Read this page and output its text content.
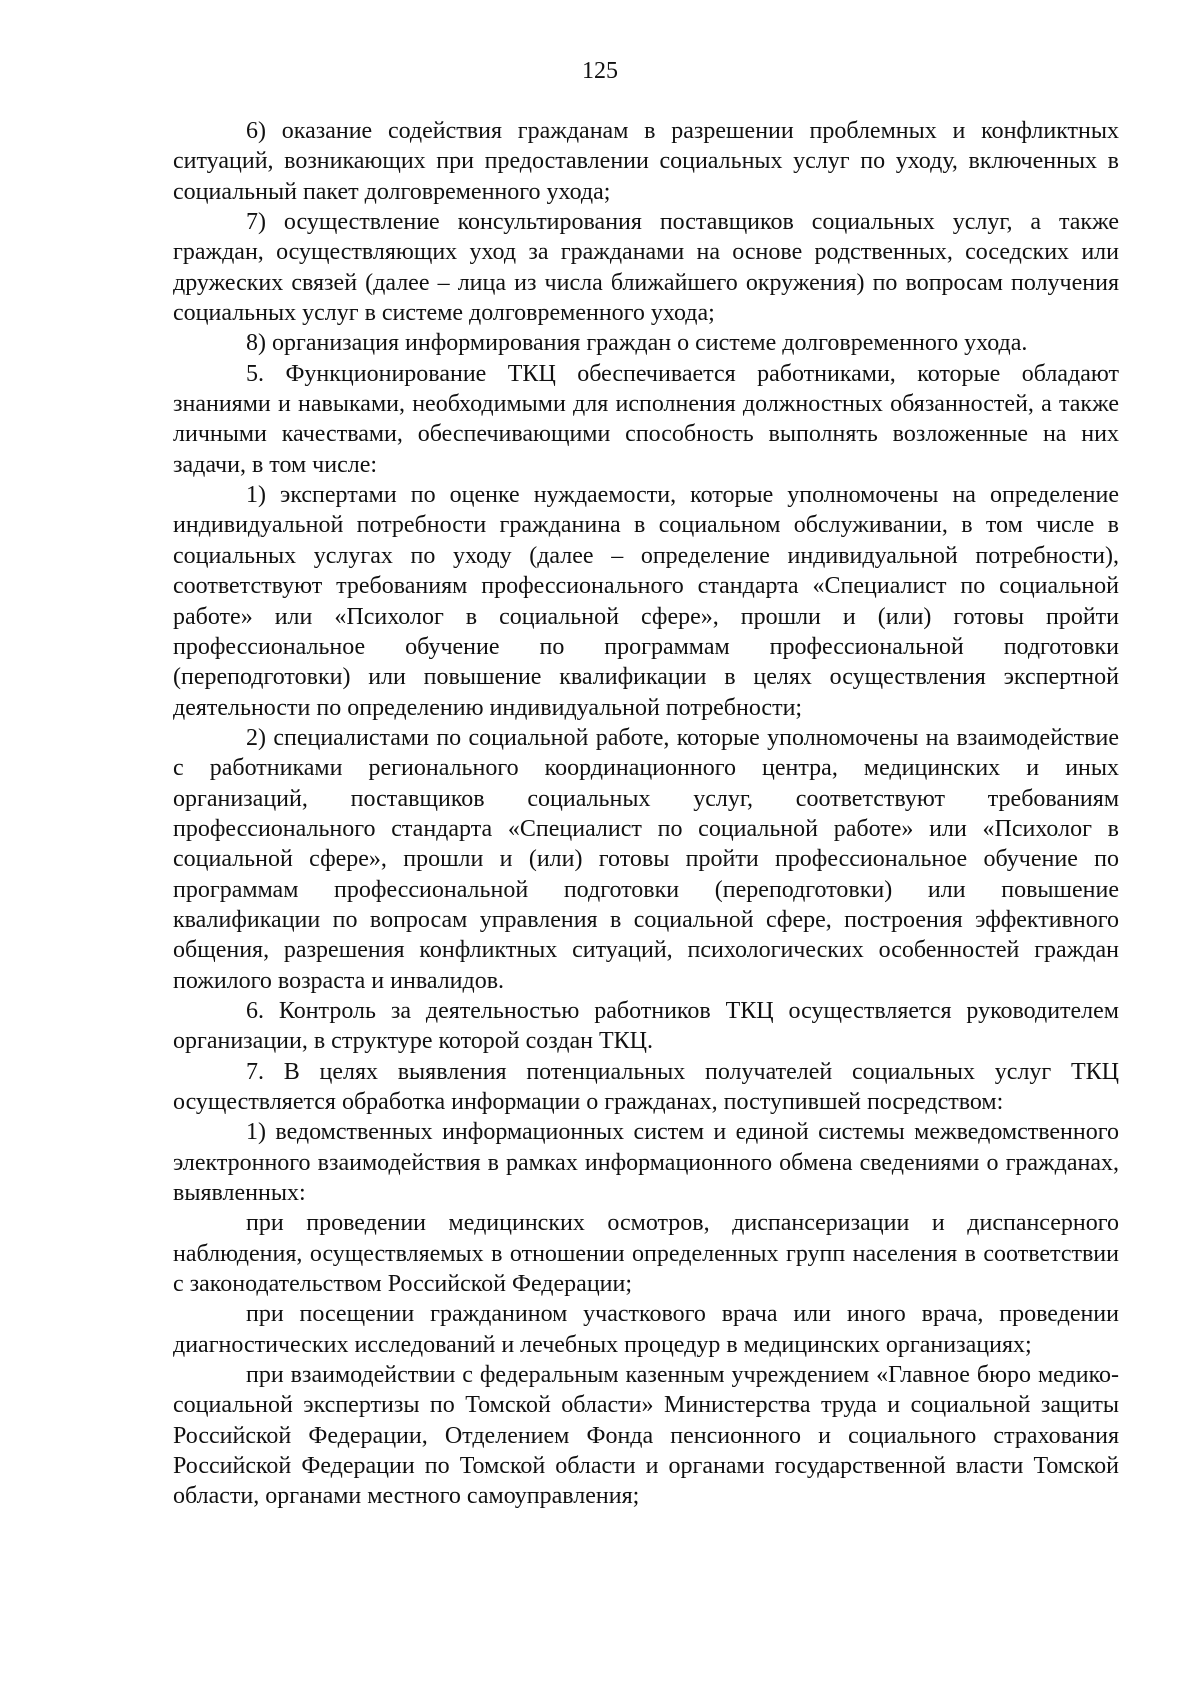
125

6) оказание содействия гражданам в разрешении проблемных и конфликтных ситуаций, возникающих при предоставлении социальных услуг по уходу, включенных в социальный пакет долговременного ухода;

7) осуществление консультирования поставщиков социальных услуг, а также граждан, осуществляющих уход за гражданами на основе родственных, соседских или дружеских связей (далее – лица из числа ближайшего окружения) по вопросам получения социальных услуг в системе долговременного ухода;

8) организация информирования граждан о системе долговременного ухода.

5. Функционирование ТКЦ обеспечивается работниками, которые обладают знаниями и навыками, необходимыми для исполнения должностных обязанностей, а также личными качествами, обеспечивающими способность выполнять возложенные на них задачи, в том числе:

1) экспертами по оценке нуждаемости, которые уполномочены на определение индивидуальной потребности гражданина в социальном обслуживании, в том числе в социальных услугах по уходу (далее – определение индивидуальной потребности), соответствуют требованиям профессионального стандарта «Специалист по социальной работе» или «Психолог в социальной сфере», прошли и (или) готовы пройти профессиональное обучение по программам профессиональной подготовки (переподготовки) или повышение квалификации в целях осуществления экспертной деятельности по определению индивидуальной потребности;

2) специалистами по социальной работе, которые уполномочены на взаимодействие с работниками регионального координационного центра, медицинских и иных организаций, поставщиков социальных услуг, соответствуют требованиям профессионального стандарта «Специалист по социальной работе» или «Психолог в социальной сфере», прошли и (или) готовы пройти профессиональное обучение по программам профессиональной подготовки (переподготовки) или повышение квалификации по вопросам управления в социальной сфере, построения эффективного общения, разрешения конфликтных ситуаций, психологических особенностей граждан пожилого возраста и инвалидов.

6. Контроль за деятельностью работников ТКЦ осуществляется руководителем организации, в структуре которой создан ТКЦ.

7. В целях выявления потенциальных получателей социальных услуг ТКЦ осуществляется обработка информации о гражданах, поступившей посредством:

1) ведомственных информационных систем и единой системы межведомственного электронного взаимодействия в рамках информационного обмена сведениями о гражданах, выявленных:

при проведении медицинских осмотров, диспансеризации и диспансерного наблюдения, осуществляемых в отношении определенных групп населения в соответствии с законодательством Российской Федерации;

при посещении гражданином участкового врача или иного врача, проведении диагностических исследований и лечебных процедур в медицинских организациях;

при взаимодействии с федеральным казенным учреждением «Главное бюро медико-социальной экспертизы по Томской области» Министерства труда и социальной защиты Российской Федерации, Отделением Фонда пенсионного и социального страхования Российской Федерации по Томской области и органами государственной власти Томской области, органами местного самоуправления;
